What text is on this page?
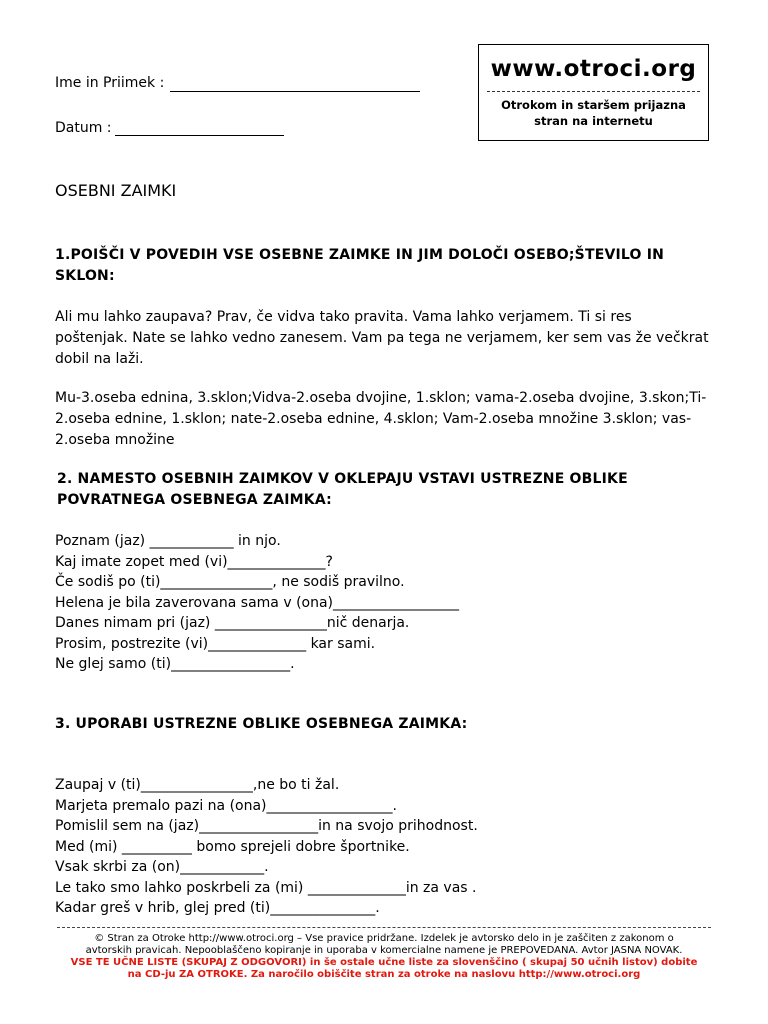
Ime in Priimek :
Datum :
www.otroci.org
Otrokom in staršem prijazna
stran na internetu
OSEBNI ZAIMKI
1.POIŠČI V POVEDIH VSE OSEBNE ZAIMKE IN JIM DOLOČI OSEBO;ŠTEVILO IN
SKLON:
Ali mu lahko zaupava? Prav, če vidva tako pravita. Vama lahko verjamem. Ti si res
poštenjak. Nate se lahko vedno zanesem. Vam pa tega ne verjamem, ker sem vas že večkrat
dobil na laži.
Mu-3.oseba ednina, 3.sklon;Vidva-2.oseba dvojine, 1.sklon; vama-2.oseba dvojine, 3.skon;Ti-
2.oseba ednine, 1.sklon; nate-2.oseba ednine, 4.sklon; Vam-2.oseba množine 3.sklon; vas-
2.oseba množine
2. NAMESTO OSEBNIH ZAIMKOV V OKLEPAJU VSTAVI USTREZNE OBLIKE
POVRATNEGA OSEBNEGA ZAIMKA:
Poznam (jaz) ____________ in njo.
Kaj imate zopet med (vi)______________?
Če sodiš po (ti)________________, ne sodiš pravilno.
Helena je bila zaverovana sama v (ona)__________________
Danes nimam pri (jaz) ________________nič denarja.
Prosim, postrezite (vi)______________ kar sami.
Ne glej samo (ti)_________________.
3. UPORABI USTREZNE OBLIKE OSEBNEGA ZAIMKA:
Zaupaj v (ti)________________,ne bo ti žal.
Marjeta premalo pazi na (ona)__________________.
Pomislil sem na (jaz)_________________in na svojo prihodnost.
Med (mi) __________ bomo sprejeli dobre športnike.
Vsak skrbi za (on)____________.
Le tako smo lahko poskrbeli za (mi) ______________in za vas .
Kadar greš v hrib, glej pred (ti)_______________.
© Stran za Otroke http://www.otroci.org – Vse pravice pridržane. Izdelek je avtorsko delo in je zaščiten z zakonom o
avtorskih pravicah. Nepooblaščeno kopiranje in uporaba v komercialne namene je PREPOVEDANA. Avtor JASNA NOVAK.
VSE TE UČNE LISTE (SKUPAJ Z ODGOVORI) in še ostale učne liste za slovenščino ( skupaj 50 učnih listov) dobite
na CD-ju ZA OTROKE. Za naročilo obiščite stran za otroke na naslovu http://www.otroci.org
